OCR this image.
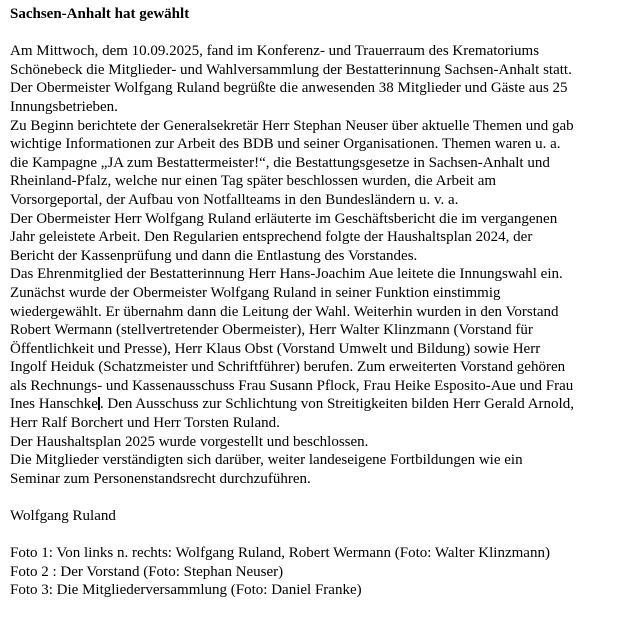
Sachsen-Anhalt hat gewählt

Am Mittwoch, dem 10.09.2025, fand im Konferenz- und Trauerraum des Krematoriums
Schönebeck die Mitglieder- und Wahlversammlung der Bestatterinnung Sachsen-Anhalt statt.
Der Obermeister Wolfgang Ruland begrüßte die anwesenden 38 Mitglieder und Gäste aus 25
Innungsbetrieben.
Zu Beginn berichtete der Generalsekretär Herr Stephan Neuser über aktuelle Themen und gab
wichtige Informationen zur Arbeit des BDB und seiner Organisationen. Themen waren u. a.
die Kampagne „JA zum Bestattermeister!“, die Bestattungsgesetze in Sachsen-Anhalt und
Rheinland-Pfalz, welche nur einen Tag später beschlossen wurden, die Arbeit am
Vorsorgeportal, der Aufbau von Notfallteams in den Bundesländern u. v. a.
Der Obermeister Herr Wolfgang Ruland erläuterte im Geschäftsbericht die im vergangenen
Jahr geleistete Arbeit. Den Regularien entsprechend folgte der Haushaltsplan 2024, der
Bericht der Kassenprüfung und dann die Entlastung des Vorstandes.
Das Ehrenmitglied der Bestatterinnung Herr Hans-Joachim Aue leitete die Innungswahl ein.
Zunächst wurde der Obermeister Wolfgang Ruland in seiner Funktion einstimmig
wiedergewählt. Er übernahm dann die Leitung der Wahl. Weiterhin wurden in den Vorstand
Robert Wermann (stellvertretender Obermeister), Herr Walter Klinzmann (Vorstand für
Öffentlichkeit und Presse), Herr Klaus Obst (Vorstand Umwelt und Bildung) sowie Herr
Ingolf Heiduk (Schatzmeister und Schriftführer) berufen. Zum erweiterten Vorstand gehören
als Rechnungs- und Kassenausschuss Frau Susann Pflock, Frau Heike Esposito-Aue und Frau
Ines Hanschke . Den Ausschuss zur Schlichtung von Streitigkeiten bilden Herr Gerald Arnold,
Herr Ralf Borchert und Herr Torsten Ruland.
Der Haushaltsplan 2025 wurde vorgestellt und beschlossen.
Die Mitglieder verständigten sich darüber, weiter landeseigene Fortbildungen wie ein
Seminar zum Personenstandsrecht durchzuführen.

Wolfgang Ruland

Foto 1: Von links n. rechts: Wolfgang Ruland, Robert Wermann (Foto: Walter Klinzmann)
Foto 2 : Der Vorstand (Foto: Stephan Neuser)
Foto 3: Die Mitgliederversammlung (Foto: Daniel Franke)
